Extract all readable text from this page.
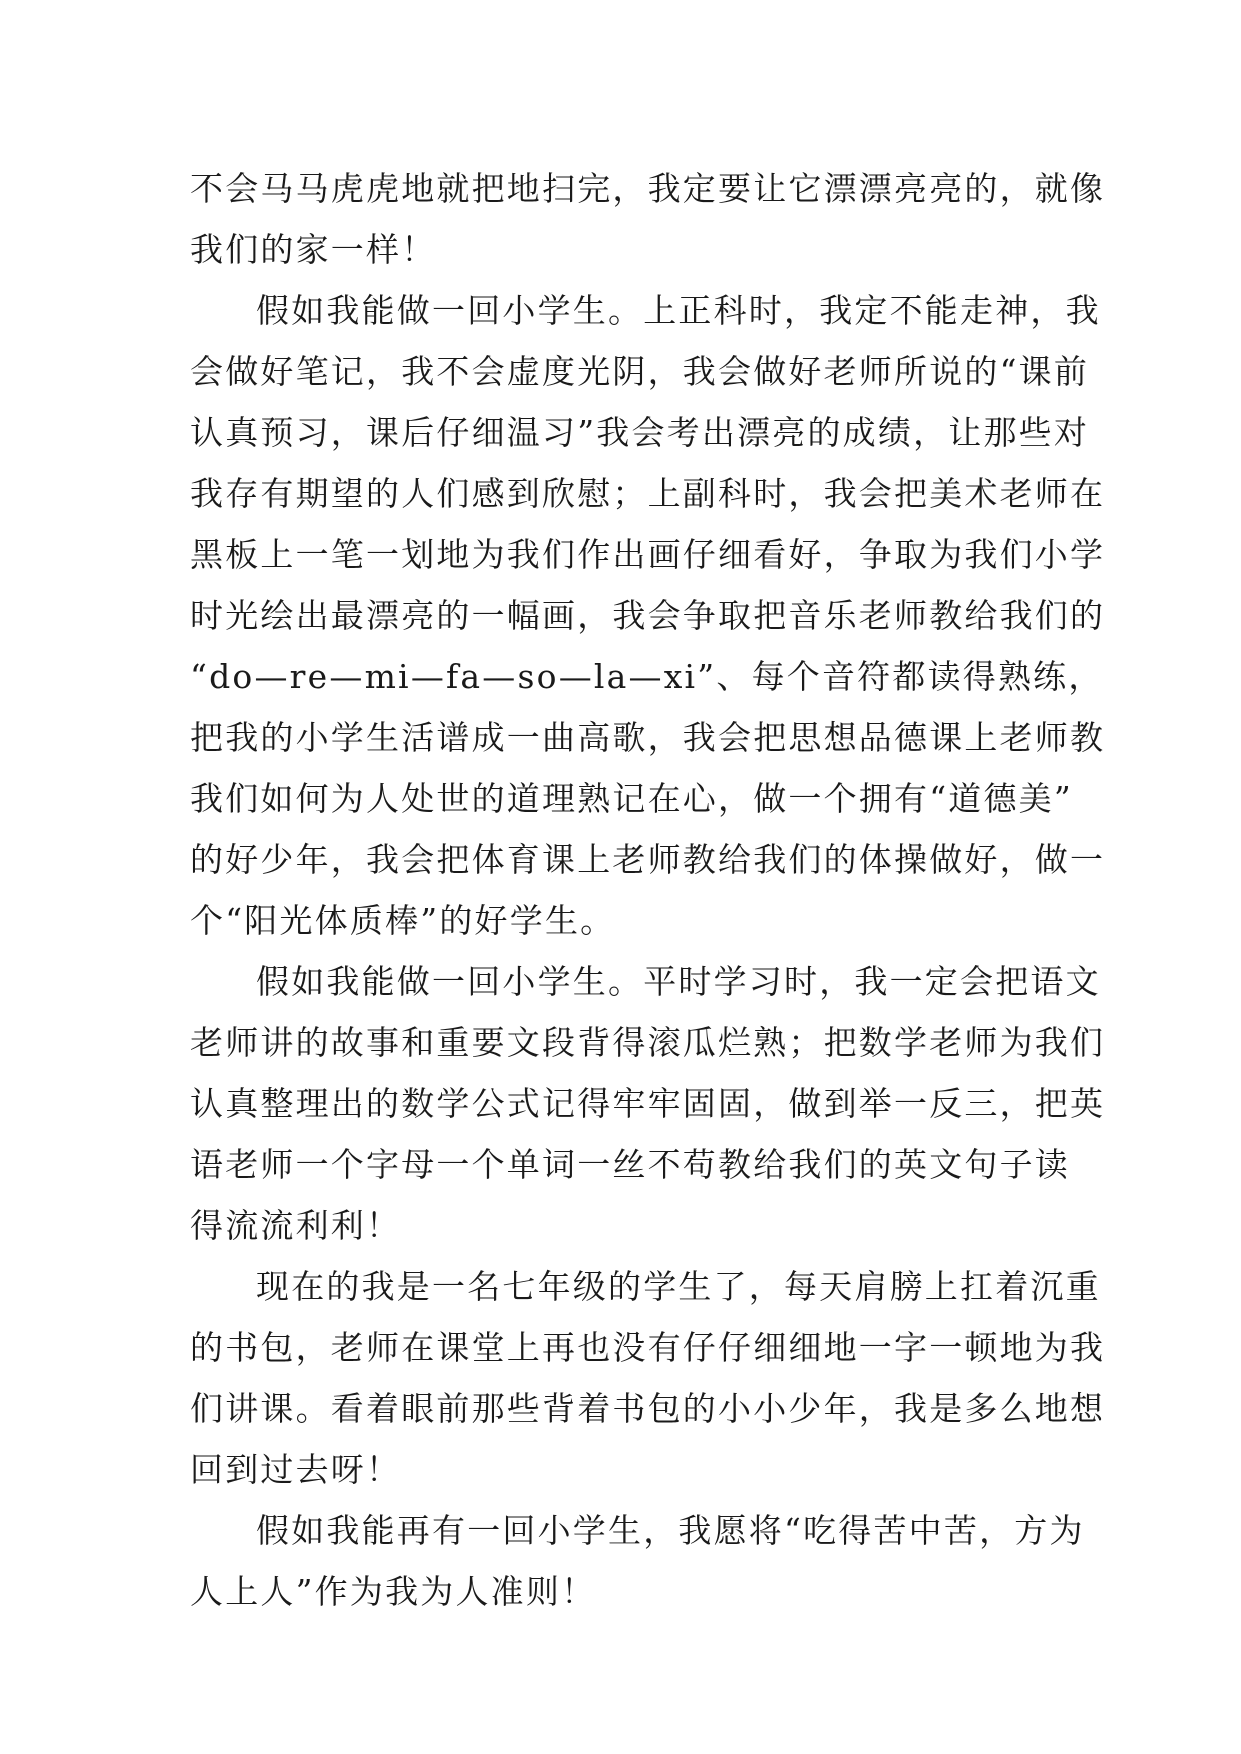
不会马马虎虎地就把地扫完，我定要让它漂漂亮亮的，就像
我们的家一样！
假如我能做一回小学生。上正科时，我定不能走神，我
会做好笔记，我不会虚度光阴，我会做好老师所说的“课前
认真预习，课后仔细温习”我会考出漂亮的成绩，让那些对
我存有期望的人们感到欣慰；上副科时，我会把美术老师在
黑板上一笔一划地为我们作出画仔细看好，争取为我们小学
时光绘出最漂亮的一幅画，我会争取把音乐老师教给我们的
“do—re—mi—fa—so—la—xi”、每个音符都读得熟练，
把我的小学生活谱成一曲高歌，我会把思想品德课上老师教
我们如何为人处世的道理熟记在心，做一个拥有“道德美”
的好少年，我会把体育课上老师教给我们的体操做好，做一
个“阳光体质棒”的好学生。
假如我能做一回小学生。平时学习时，我一定会把语文
老师讲的故事和重要文段背得滚瓜烂熟；把数学老师为我们
认真整理出的数学公式记得牢牢固固，做到举一反三，把英
语老师一个字母一个单词一丝不苟教给我们的英文句子读
得流流利利！
现在的我是一名七年级的学生了，每天肩膀上扛着沉重
的书包，老师在课堂上再也没有仔仔细细地一字一顿地为我
们讲课。看着眼前那些背着书包的小小少年，我是多么地想
回到过去呀！
假如我能再有一回小学生，我愿将“吃得苦中苦，方为
人上人”作为我为人准则！
